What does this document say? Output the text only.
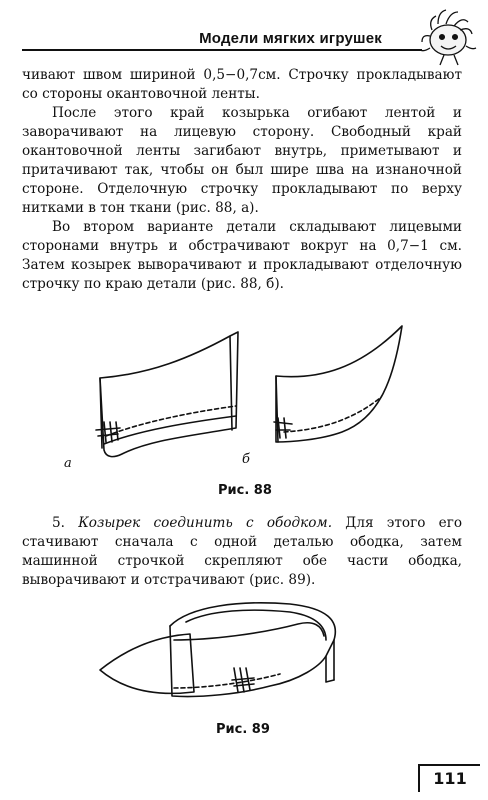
Модели мягких игрушек

чивают швом шириной 0,5−0,7см. Строчку прокладывают со стороны окантовочной ленты.

После этого край козырька огибают лентой и заворачивают на лицевую сторону. Свободный край окантовочной ленты загибают внутрь, приметывают и притачивают так, чтобы он был шире шва на изнаночной стороне. Отделочную строчку прокладывают по верху нитками в тон ткани (рис. 88, а).

Во втором варианте детали складывают лицевыми сторонами внутрь и обстрачивают вокруг на 0,7−1 см. Затем козырек выворачивают и прокладывают отделочную строчку по краю детали (рис. 88, б).

а	б
Рис. 88

5. Козырек соединить с ободком. Для этого его стачивают сначала с одной деталью ободка, затем машинной строчкой скрепляют обе части ободка, выворачивают и отстрачивают (рис. 89).

Рис. 89
111
